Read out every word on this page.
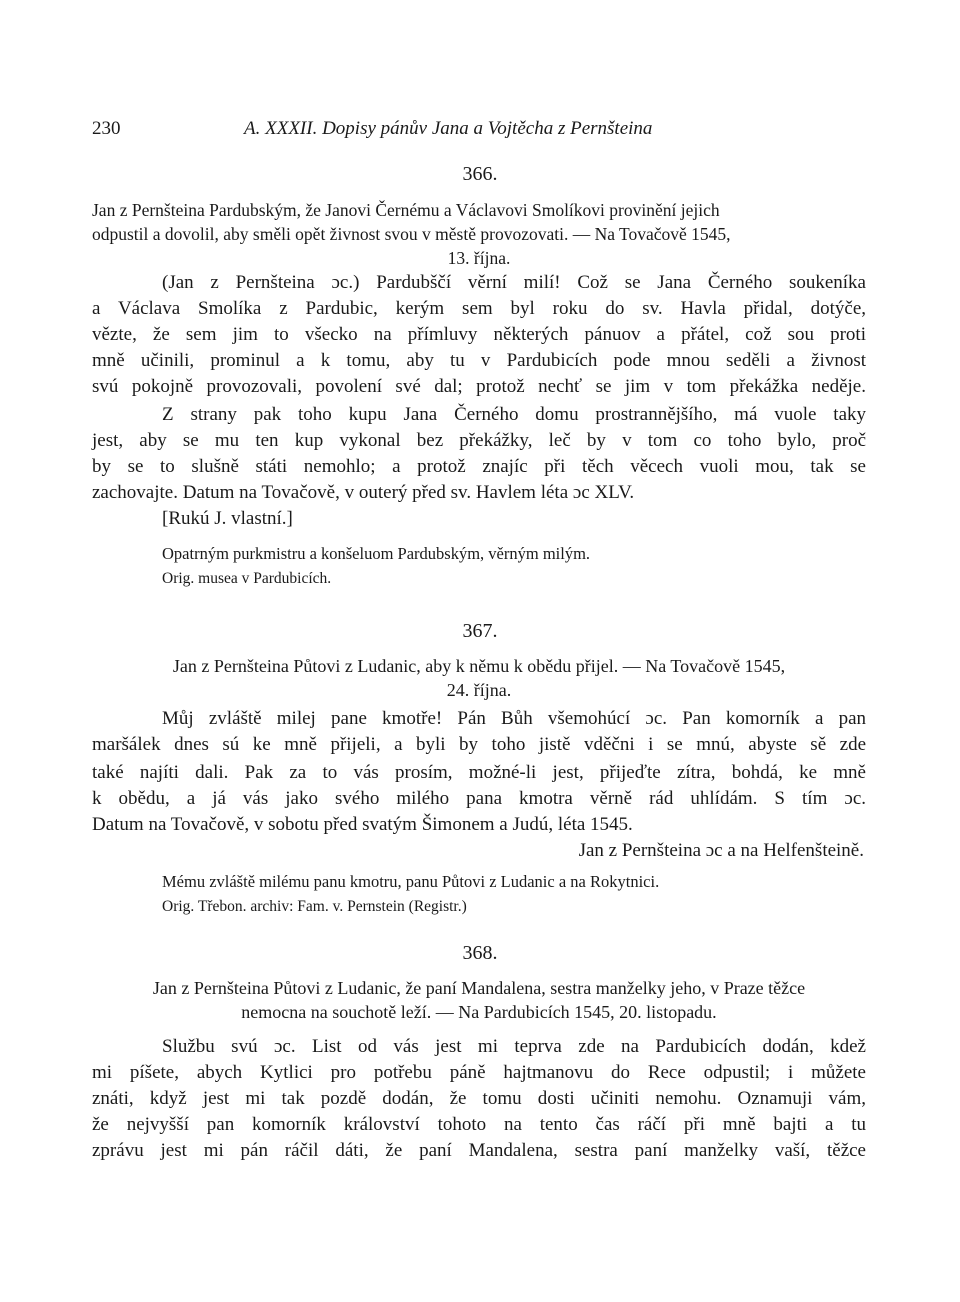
230	A. XXXII. Dopisy pánův Jana a Vojtěcha z Pernšteina

366.

Jan z Pernšteina Pardubským, že Janovi Černému a Václavovi Smolíkovi provinění jejich

odpustil a dovolil, aby směli opět živnost svou v městě provozovati. — Na Tovačově 1545,

13. října.

(Jan z Pernšteina ɔc.) Pardubščí věrní milí! Což se Jana Černého soukeníka

a Václava Smolíka z Pardubic, kerým sem byl roku do sv. Havla přidal, dotýče,

vězte, že sem jim to všecko na přímluvy některých pánuov a přátel, což sou proti

mně učinili, prominul a k tomu, aby tu v Pardubicích pode mnou seděli a živnost

svú pokojně provozovali, povolení své dal; protož nechť se jim v tom překážka neděje.

Z strany pak toho kupu Jana Černého domu prostrannějšího, má vuole taky

jest, aby se mu ten kup vykonal bez překážky, leč by v tom co toho bylo, proč

by se to slušně státi nemohlo; a protož znajíc při těch věcech vuoli mou, tak se

zachovajte. Datum na Tovačově, v outerý před sv. Havlem léta ɔc XLV.

[Rukú J. vlastní.]

Opatrným purkmistru a konšeluom Pardubským, věrným milým.

Orig. musea v Pardubicích.

367.

Jan z Pernšteina Půtovi z Ludanic, aby k němu k obědu přijel. — Na Tovačově 1545,

24. října.

Můj zvláště milej pane kmotře! Pán Bůh všemohúcí ɔc. Pan komorník a pan

maršálek dnes sú ke mně přijeli, a byli by toho jistě vděčni i se mnú, abyste sě zde

také najíti dali. Pak za to vás prosím, možné-li jest, přijeďte zítra, bohdá, ke mně

k obědu, a já vás jako svého milého pana kmotra věrně rád uhlídám. S tím ɔc.

Datum na Tovačově, v sobotu před svatým Šimonem a Judú, léta 1545.

Jan z Pernšteina ɔc a na Helfenšteině.

Mému zvláště milému panu kmotru, panu Půtovi z Ludanic a na Rokytnici.

Orig. Třebon. archiv: Fam. v. Pernstein (Registr.)

368.

Jan z Pernšteina Půtovi z Ludanic, že paní Mandalena, sestra manželky jeho, v Praze těžce

nemocna na souchotě leží. — Na Pardubicích 1545, 20. listopadu.

Službu svú ɔc. List od vás jest mi teprva zde na Pardubicích dodán, kdež

mi píšete, abych Kytlici pro potřebu páně hajtmanovu do Rece odpustil; i můžete

znáti, když jest mi tak pozdě dodán, že tomu dosti učiniti nemohu. Oznamuji vám,

že nejvyšší pan komorník království tohoto na tento čas ráčí při mně bajti a tu

zprávu jest mi pán ráčil dáti, že paní Mandalena, sestra paní manželky vaší, těžce
